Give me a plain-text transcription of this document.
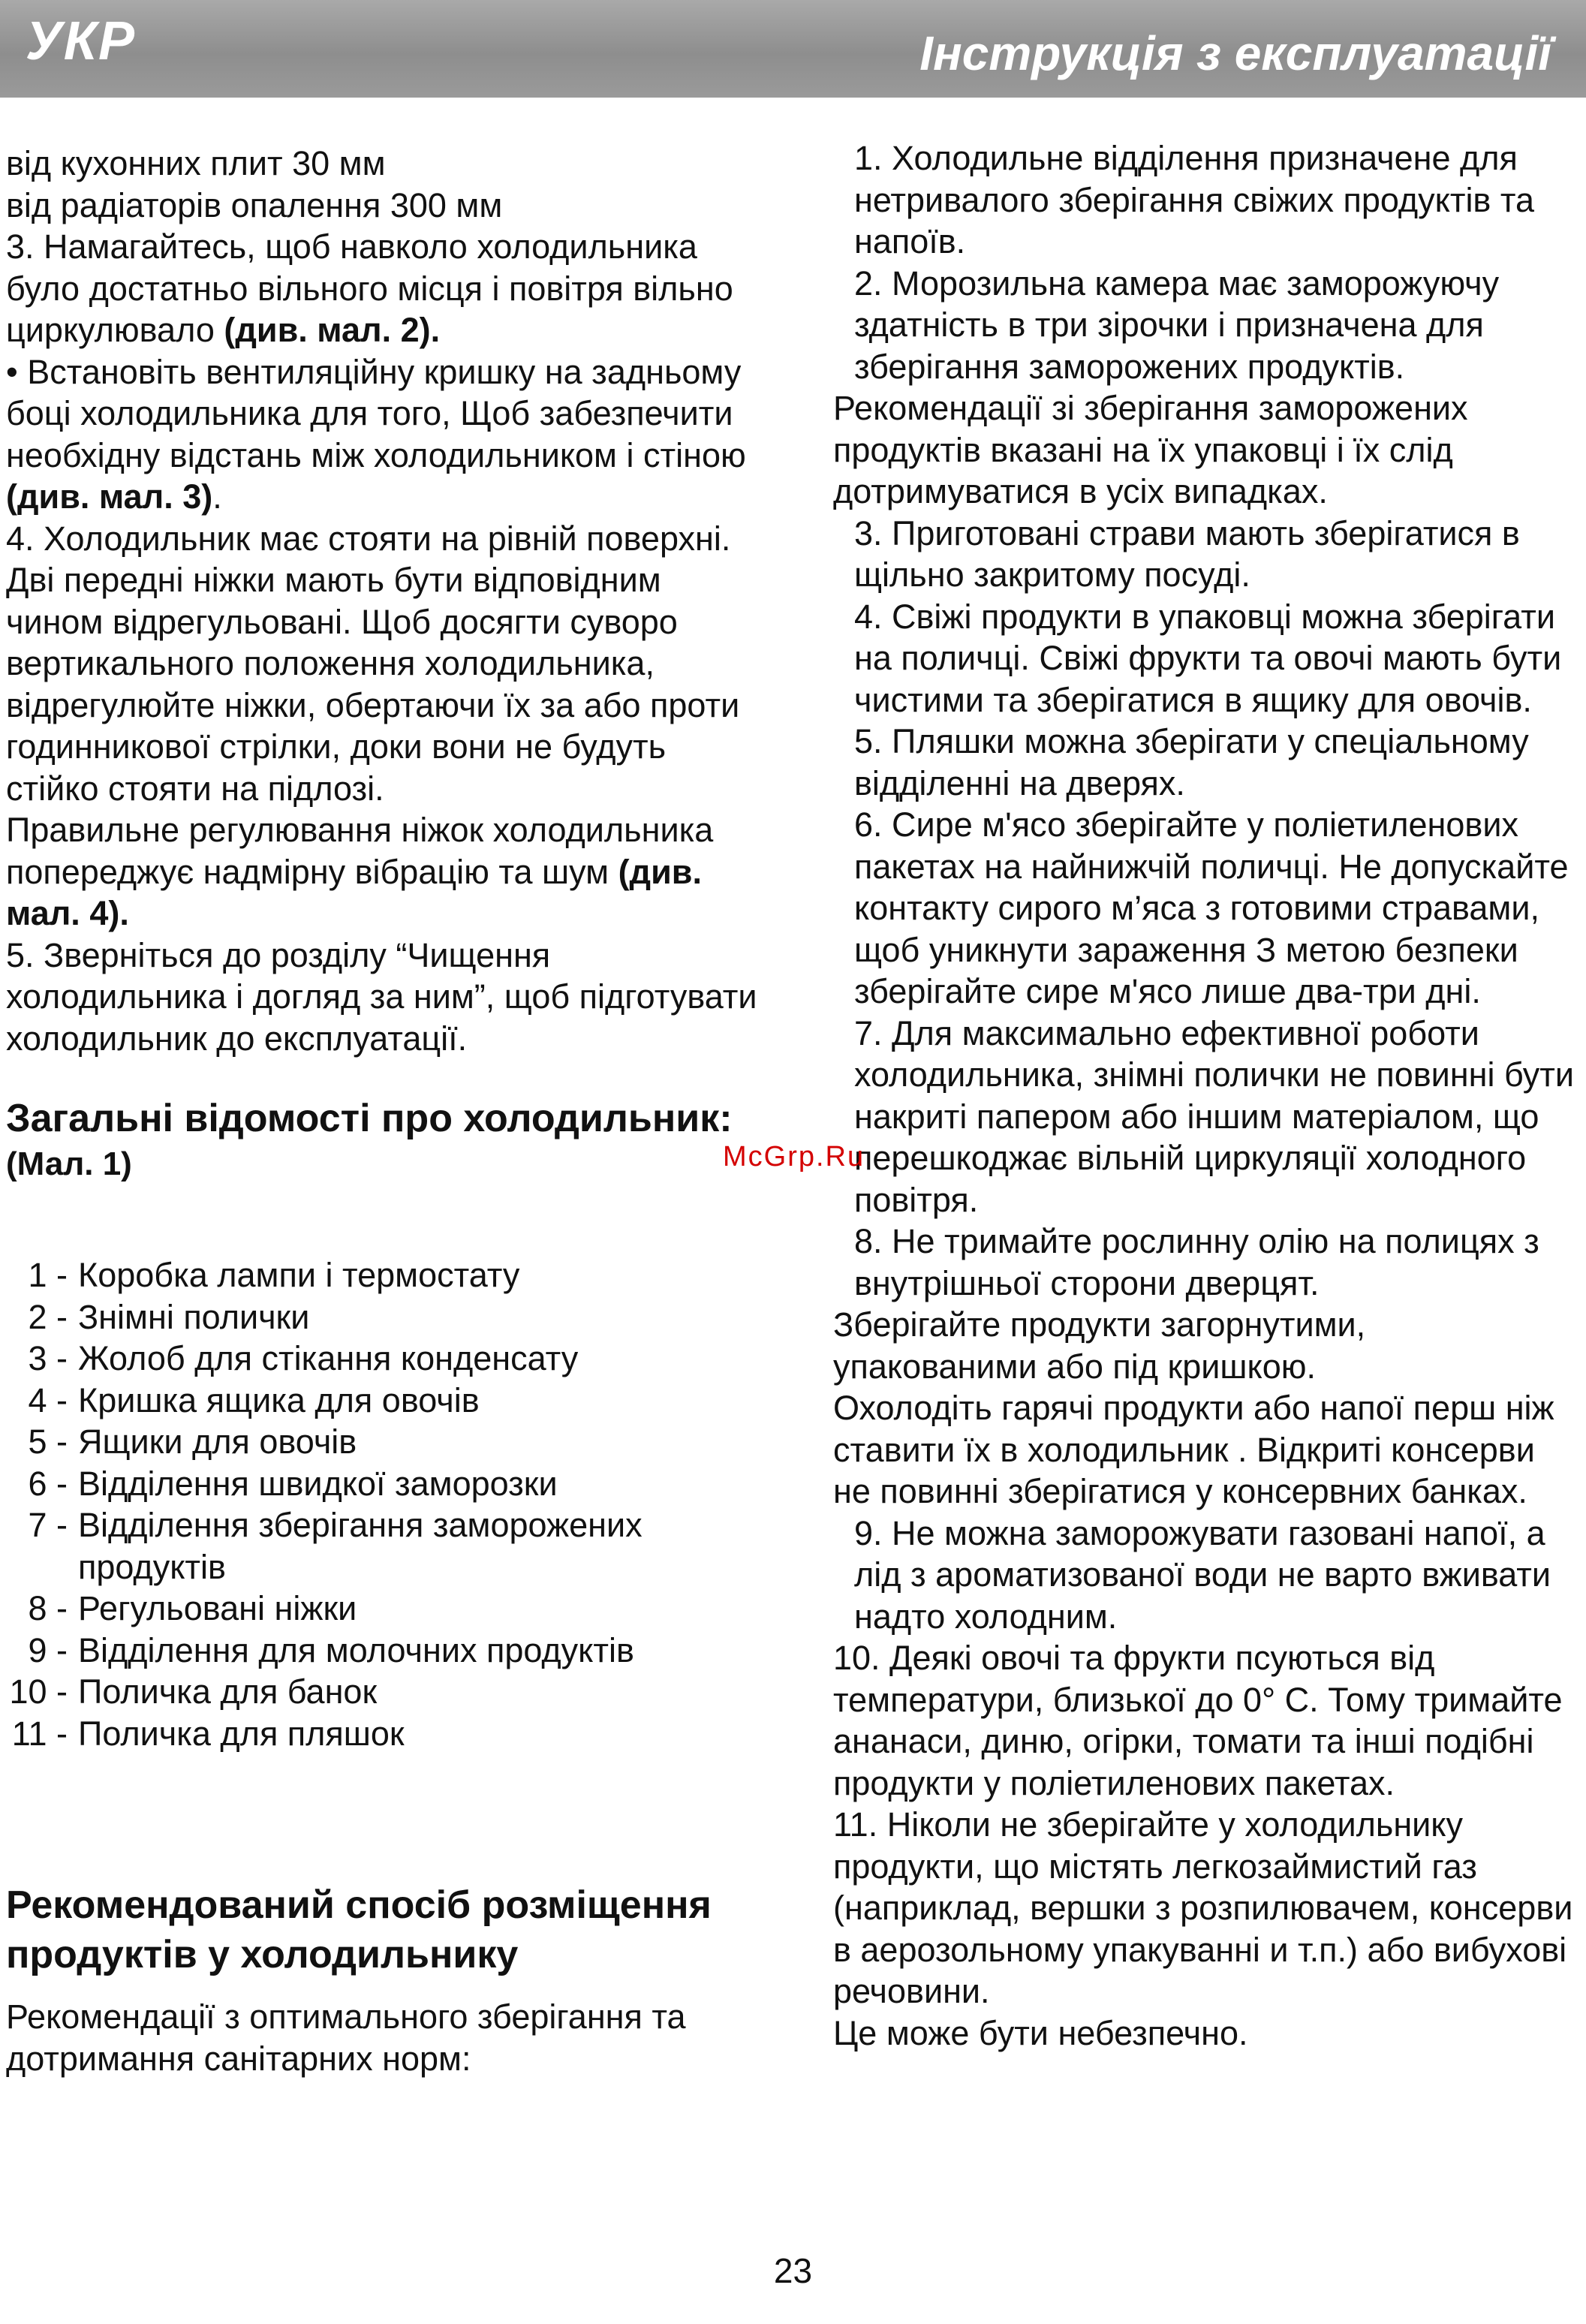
УКР	Інструкція з експлуатації

від кухонних плит 30 мм

від радіаторів опалення 300 мм

3. Намагайтесь, щоб навколо холодильника було достатньо вільного місця і повітря вільно циркулювало (див. мал. 2).

• Встановіть вентиляційну кришку на задньому боці холодильника для того, Щоб забезпечити необхідну відстань між холодильником і стіною (див. мал. 3).

4. Холодильник має стояти на рівній поверхні. Дві передні ніжки мають бути відповідним чином відрегульовані. Щоб досягти суворо вертикального положення холодильника, відрегулюйте ніжки, обертаючи їх за або проти годинникової стрілки, доки вони не будуть стійко стояти на підлозі.

Правильне регулювання ніжок холодильника попереджує надмірну вібрацію та шум (див. мал. 4).

5. Зверніться до розділу “Чищення холодильника і догляд за ним”, щоб підготувати холодильник до експлуатації.

Загальні відомості про холодильник:

(Мал. 1)

1 - Коробка лампи і термостату
2 - Знімні полички
3 - Жолоб для стікання конденсату
4 - Кришка ящика для овочів
5 - Ящики для овочів
6 - Відділення швидкої заморозки
7 - Відділення зберігання заморожених продуктів
8 - Регульовані ніжки
9 - Відділення для молочних продуктів
10 - Поличка для банок
11 - Поличка для пляшок

Рекомендований спосіб розміщення продуктів у холодильнику

Рекомендації з оптимального зберігання та дотримання санітарних норм:

1. Холодильне відділення призначене для нетривалого зберігання свіжих продуктів та напоїв.

2. Морозильна камера має заморожуючу здатність в три зірочки і призначена для зберігання заморожених продуктів.

Рекомендації зі зберігання заморожених продуктів вказані на їх упаковці і їх слід дотримуватися в усіх випадках.

3. Приготовані страви мають зберігатися в щільно закритому посуді.

4. Свіжі продукти в упаковці можна зберігати на поличці. Свіжі фрукти та овочі мають бути чистими та зберігатися в ящику для овочів.

5. Пляшки можна зберігати у спеціальному відділенні на дверях.

6. Сире м'ясо зберігайте у поліетиленових пакетах на найнижчій поличці. Не допускайте контакту сирого м’яса з готовими стравами, щоб уникнути зараження З метою безпеки зберігайте сире м'ясо лише два-три дні.

7. Для максимально ефективної роботи холодильника, знімні полички не повинні бути накриті папером або іншим матеріалом, що перешкоджає вільній циркуляції холодного повітря.

8. Не тримайте рослинну олію на полицях з внутрішньої сторони дверцят.

Зберігайте продукти загорнутими, упакованими або під кришкою.

Охолодіть гарячі продукти або напої перш ніж ставити їх в холодильник . Відкриті консерви не повинні зберігатися у консервних банках.

9. Не можна заморожувати газовані напої, а лід з ароматизованої води не варто вживати надто холодним.

10. Деякі овочі та фрукти псуються від температури, близької до 0° С. Тому тримайте ананаси, диню, огірки, томати та інші подібні продукти у поліетиленових пакетах.

11. Ніколи не зберігайте у холодильнику продукти, що містять легкозаймистий газ (наприклад, вершки з розпилювачем, консерви в аерозольному упакуванні и т.п.) або вибухові речовини.

Це може бути небезпечно.

McGrp.Ru
23
